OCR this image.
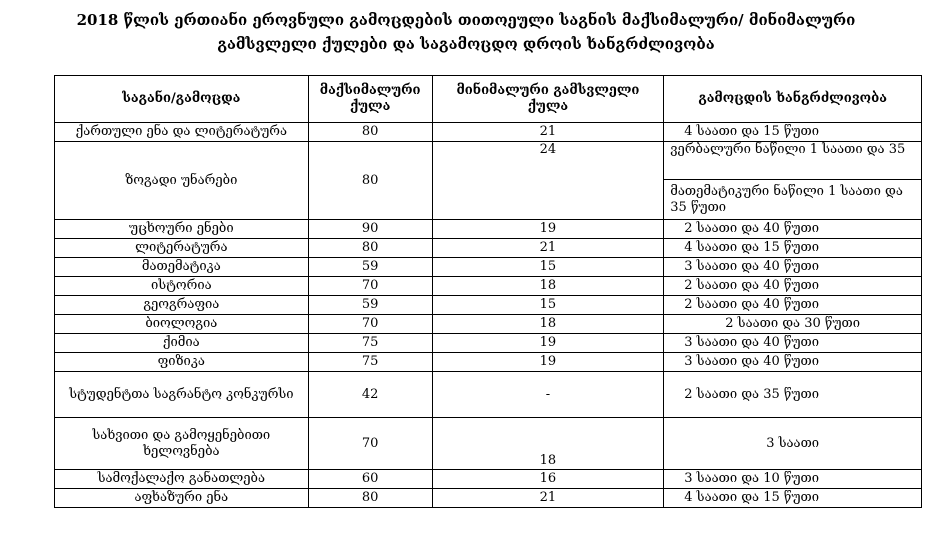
2018 წლის ერთიანი ეროვნული გამოცდების თითოეული საგნის მაქსიმალური/ მინიმალური
გამსვლელი ქულები და საგამოცდო დროის ხანგრძლივობა
საგანი/გამოცდა	მაქსიმალური ქულა	მინიმალური გამსვლელი ქულა	გამოცდის ხანგრძლივობა
ქართული ენა და ლიტერატურა	80	21	4 საათი და 15 წუთი
ზოგადი უნარები	80	24	ვერბალური ნაწილი 1 საათი და 35
			მათემატიკური ნაწილი 1 საათი და 35 წუთი
უცხოური ენები	90	19	2 საათი და 40 წუთი
ლიტერატურა	80	21	4 საათი და 15 წუთი
მათემატიკა	59	15	3 საათი და 40 წუთი
ისტორია	70	18	2 საათი და 40 წუთი
გეოგრაფია	59	15	2 საათი და 40 წუთი
ბიოლოგია	70	18	2 საათი და 30 წუთი
ქიმია	75	19	3 საათი და 40 წუთი
ფიზიკა	75	19	3 საათი და 40 წუთი
სტუდენტთა საგრანტო კონკურსი	42	-	2 საათი და 35 წუთი
სახვითი და გამოყენებითი ხელოვნება	70	18	3 საათი
სამოქალაქო განათლება	60	16	3 საათი და 10 წუთი
აფხაზური ენა	80	21	4 საათი და 15 წუთი
